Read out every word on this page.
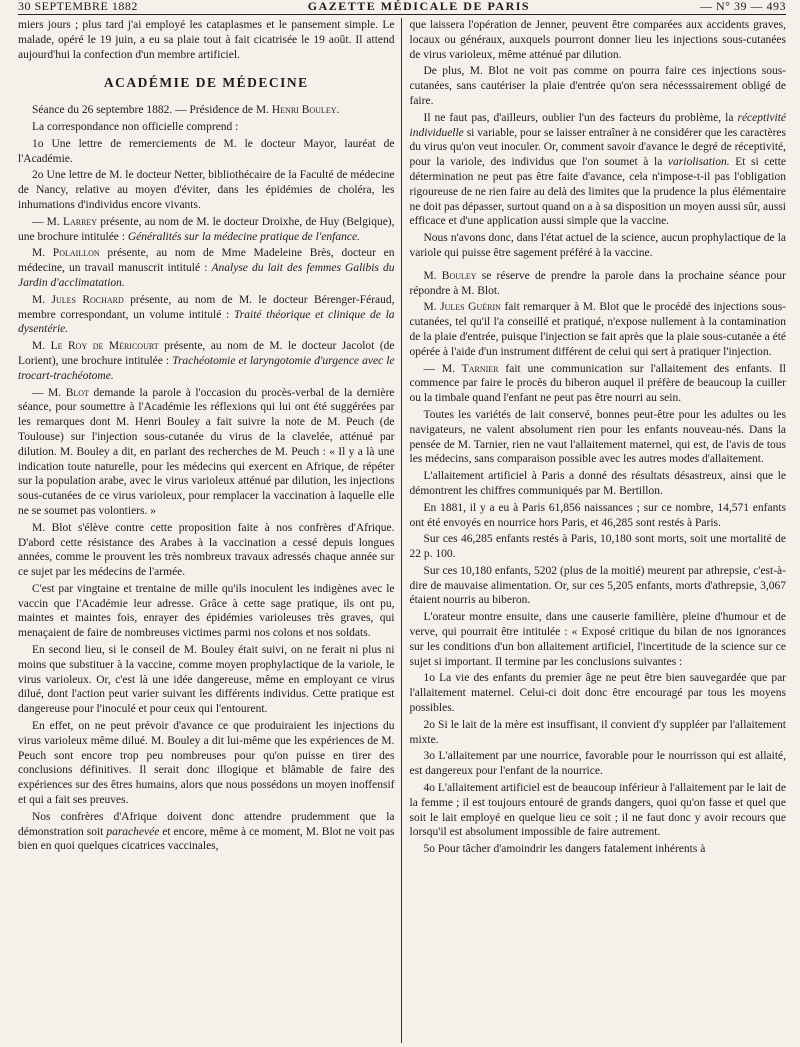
30 SEPTEMBRE 1882	GAZETTE MÉDICALE DE PARIS	— N° 39 — 493

miers jours ; plus tard j'ai employé les cataplasmes et le pansement simple. Le malade, opéré le 19 juin, a eu sa plaie tout à fait cicatrisée le 19 août. Il attend aujourd'hui la confection d'un membre artificiel.

ACADÉMIE DE MÉDECINE

Séance du 26 septembre 1882. — Présidence de M. Henri Bouley.

La correspondance non officielle comprend :

1o Une lettre de remerciements de M. le docteur Mayor, lauréat de l'Académie.

2o Une lettre de M. le docteur Netter, bibliothécaire de la Faculté de médecine de Nancy, relative au moyen d'éviter, dans les épidémies de choléra, les inhumations d'individus encore vivants.

— M. Larrey présente, au nom de M. le docteur Droixhe, de Huy (Belgique), une brochure intitulée : Généralités sur la médecine pratique de l'enfance.

M. Polaillon présente, au nom de Mme Madeleine Brès, docteur en médecine, un travail manuscrit intitulé : Analyse du lait des femmes Galibis du Jardin d'acclimatation.

M. Jules Rochard présente, au nom de M. le docteur Bérenger-Féraud, membre correspondant, un volume intitulé : Traité théorique et clinique de la dysentérie.

M. Le Roy de Méricourt présente, au nom de M. le docteur Jacolot (de Lorient), une brochure intitulée : Trachéotomie et laryngotomie d'urgence avec le trocart-trachéotome.

— M. Blot demande la parole à l'occasion du procès-verbal de la dernière séance, pour soumettre à l'Académie les réflexions qui lui ont été suggérées par les remarques dont M. Henri Bouley a fait suivre la note de M. Peuch (de Toulouse) sur l'injection sous-cutanée du virus de la clavelée, atténué par dilution. M. Bouley a dit, en parlant des recherches de M. Peuch : « Il y a là une indication toute naturelle, pour les médecins qui exercent en Afrique, de répéter sur la population arabe, avec le virus varioleux atténué par dilution, les injections sous-cutanées de ce virus varioleux, pour remplacer la vaccination à laquelle elle ne se soumet pas volontiers. »

M. Blot s'élève contre cette proposition faite à nos confrères d'Afrique. D'abord cette résistance des Arabes à la vaccination a cessé depuis longues années, comme le prouvent les très nombreux travaux adressés chaque année sur ce sujet par les médecins de l'armée.

C'est par vingtaine et trentaine de mille qu'ils inoculent les indigènes avec le vaccin que l'Académie leur adresse. Grâce à cette sage pratique, ils ont pu, maintes et maintes fois, enrayer des épidémies varioleuses très graves, qui menaçaient de faire de nombreuses victimes parmi nos colons et nos soldats.

En second lieu, si le conseil de M. Bouley était suivi, on ne ferait ni plus ni moins que substituer à la vaccine, comme moyen prophylactique de la variole, le virus varioleux. Or, c'est là une idée dangereuse, même en employant ce virus dilué, dont l'action peut varier suivant les différents individus. Cette pratique est dangereuse pour l'inoculé et pour ceux qui l'entourent.

En effet, on ne peut prévoir d'avance ce que produiraient les injections du virus varioleux même dilué. M. Bouley a dit lui-même que les expériences de M. Peuch sont encore trop peu nombreuses pour qu'on puisse en tirer des conclusions définitives. Il serait donc illogique et blâmable de faire des expériences sur des êtres humains, alors que nous possédons un moyen inoffensif et qui a fait ses preuves.

Nos confrères d'Afrique doivent donc attendre prudemment que la démonstration soit parachevée et encore, même à ce moment, M. Blot ne voit pas bien en quoi quelques cicatrices vaccinales,

que laissera l'opération de Jenner, peuvent être comparées aux accidents graves, locaux ou généraux, auxquels pourront donner lieu les injections sous-cutanées de virus varioleux, même atténué par dilution.

De plus, M. Blot ne voit pas comme on pourra faire ces injections sous-cutanées, sans cautériser la plaie d'entrée qu'on sera nécesssairement obligé de faire.

Il ne faut pas, d'ailleurs, oublier l'un des facteurs du problème, la réceptivité individuelle si variable, pour se laisser entraîner à ne considérer que les caractères du virus qu'on veut inoculer. Or, comment savoir d'avance le degré de réceptivité, pour la variole, des individus que l'on soumet à la variolisation. Et si cette détermination ne peut pas être faite d'avance, cela n'impose-t-il pas l'obligation rigoureuse de ne rien faire au delà des limites que la prudence la plus élémentaire ne doit pas dépasser, surtout quand on a à sa disposition un moyen aussi sûr, aussi efficace et d'une application aussi simple que la vaccine.

Nous n'avons donc, dans l'état actuel de la science, aucun prophylactique de la variole qui puisse être sagement préféré à la vaccine.

M. Bouley se réserve de prendre la parole dans la prochaine séance pour répondre à M. Blot.

M. Jules Guérin fait remarquer à M. Blot que le procédé des injections sous-cutanées, tel qu'il l'a conseillé et pratiqué, n'expose nullement à la contamination de la plaie d'entrée, puisque l'injection se fait après que la plaie sous-cutanée a été opérée à l'aide d'un instrument différent de celui qui sert à pratiquer l'injection.

— M. Tarnier fait une communication sur l'allaitement des enfants. Il commence par faire le procès du biberon auquel il préfère de beaucoup la cuiller ou la timbale quand l'enfant ne peut pas être nourri au sein.

Toutes les variétés de lait conservé, bonnes peut-être pour les adultes ou les navigateurs, ne valent absolument rien pour les enfants nouveau-nés. Dans la pensée de M. Tarnier, rien ne vaut l'allaitement maternel, qui est, de l'avis de tous les médecins, sans comparaison possible avec les autres modes d'allaitement.

L'allaitement artificiel à Paris a donné des résultats désastreux, ainsi que le démontrent les chiffres communiqués par M. Bertillon.

En 1881, il y a eu à Paris 61,856 naissances ; sur ce nombre, 14,571 enfants ont été envoyés en nourrice hors Paris, et 46,285 sont restés à Paris.

Sur ces 46,285 enfants restés à Paris, 10,180 sont morts, soit une mortalité de 22 p. 100.

Sur ces 10,180 enfants, 5202 (plus de la moitié) meurent par athrepsie, c'est-à-dire de mauvaise alimentation. Or, sur ces 5,205 enfants, morts d'athrepsie, 3,067 étaient nourris au biberon.

L'orateur montre ensuite, dans une causerie familière, pleine d'humour et de verve, qui pourrait être intitulée : « Exposé critique du bilan de nos ignorances sur les conditions d'un bon allaitement artificiel, l'incertitude de la science sur ce sujet si important. Il termine par les conclusions suivantes :

1o La vie des enfants du premier âge ne peut être bien sauvegardée que par l'allaitement maternel. Celui-ci doit donc être encouragé par tous les moyens possibles.

2o Si le lait de la mère est insuffisant, il convient d'y suppléer par l'allaitement mixte.

3o L'allaitement par une nourrice, favorable pour le nourrisson qui est allaité, est dangereux pour l'enfant de la nourrice.

4o L'allaitement artificiel est de beaucoup inférieur à l'allaitement par le lait de la femme ; il est toujours entouré de grands dangers, quoi qu'on fasse et quel que soit le lait employé en quelque lieu ce soit ; il ne faut donc y avoir recours que lorsqu'il est absolument impossible de faire autrement.

5o Pour tâcher d'amoindrir les dangers fatalement inhérents à
